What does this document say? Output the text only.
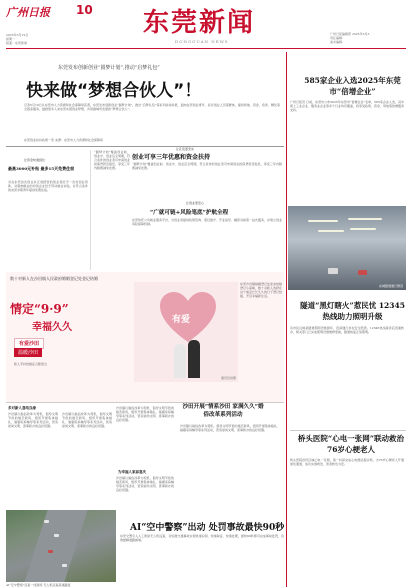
广州日报 10
2025年5月19日
星期一
版面：东莞新闻
东莞新闻
DONGGUAN NEWS
广州日报编辑部 2025年6月3
责任编辑：
美术编辑：
东莞发布创新创业“圆梦计划”,推动“启梦礼包”
快来做“梦想合伙人”！
记者5月19日从东莞市人力资源和社会保障局获悉，东莞发布创新创业“圆梦计划”，推出“启梦礼包”等系列扶持政策，面向在莞创业青年、返乡创业人员等群体，提供场地、资金、培训、孵化等全链条服务，鼓励更多人来东莞实现创业梦想，共同做城市发展的“梦想合伙人”。
东莞创业扶持政策一览 来源：东莞市人力资源和社会保障局
让资金快速到位
最高3000元补贴 最多15天免费住宿
对在东莞首次创业并正常经营的创业者给予一次性创业资助，对吸纳就业的初创企业给予带动就业补贴，对符合条件的来莞求职青年提供免费住宿。
“圆梦计划”覆盖创业前、创业中、创业后全周期，符合条件的创业者可申请创业担保贷款及贴息，享受三年内税费减免优惠。
让孔夜更充实
创业可享三年优惠和资金扶持
“圆梦计划”覆盖创业前、创业中、创业后全周期，符合条件的创业者可申请创业担保贷款及贴息，享受三年内税费减免优惠。
让创业更安心
“广就可链+风险笔底”护航全程
东莞依托公共就业服务平台，为创业者提供政策咨询、项目推介、开业指导、融资对接等一站式服务，并建立创业风险保障机制。
数十对新人在沙田镇人民政府婚姻登记处登记结婚
情定“9·9”
幸福久久
有爱沙田
温暖沙田
新人手持结婚证合影留念
有爱
通讯员供图
东莞沙田镇婚姻登记处迎来结婚登记小高峰，数十对新人选择在这个寓意长长久久的日子登记结婚，开启幸福新生活。
多对新人喜结良缘
沙田镇以婚俗改革为契机，倡导文明节俭的婚恋新风，组织开展集体婚礼、婚姻家庭辅导等系列活动，营造崇尚文明、喜事新办的良好氛围。
沙田镇以婚俗改革为契机，倡导文明节俭的婚恋新风，组织开展集体婚礼、婚姻家庭辅导等系列活动，营造崇尚文明、喜事新办的良好氛围。
沙田镇以婚俗改革为契机，倡导文明节俭的婚恋新风，组织开展集体婚礼、婚姻家庭辅导等系列活动，营造崇尚文明、喜事新办的良好氛围。
为幸福人家添喜庆
沙田镇以婚俗改革为契机，倡导文明节俭的婚恋新风，组织开展集体婚礼、婚姻家庭辅导等系列活动，营造崇尚文明、喜事新办的良好氛围。
沙田开展“情系沙田 家满久久”婚俗改革系列活动
沙田镇以婚俗改革为契机，倡导文明节俭的婚恋新风，组织开展集体婚礼、婚姻家庭辅导等系列活动，营造崇尚文明、喜事新办的良好氛围。
AI“空中警察”巡查一线现场 无人机巡查高速路面
AI“空中警察”出动 处罚事故最快90秒
东莞交警引入人工智能无人机巡查，对轻微交通事故实现快速识别、快速取证、快速处理，最快90秒即可完成事故处罚，有效缓解道路拥堵。
585家企业入选2025年东莞市“倍增企业”
广州日报讯 日前，东莞市公布2025年东莞市“倍增企业”名单，585家企业入选，其中规上工业企业、服务业企业等多个行业均有覆盖，将享受政策、资金、用地等倍增服务支持。
东城隧道通行情况
隧道“黑灯瞎火”惹民忧 12345热线助力照明升级
有市民反映某隧道照明设施损坏，夜间通行存在安全隐患。12345热线接诉后迅速转办，相关部门已完成照明设施维修更换，隧道恢复正常照明。
桥头医院“心电一张网”联动救治76岁心梗老人
桥头医院依托区域心电一张网，第一时间完成心电图远程诊断，为76岁心梗老人开通绿色通道，成功实施救治，患者转危为安。
